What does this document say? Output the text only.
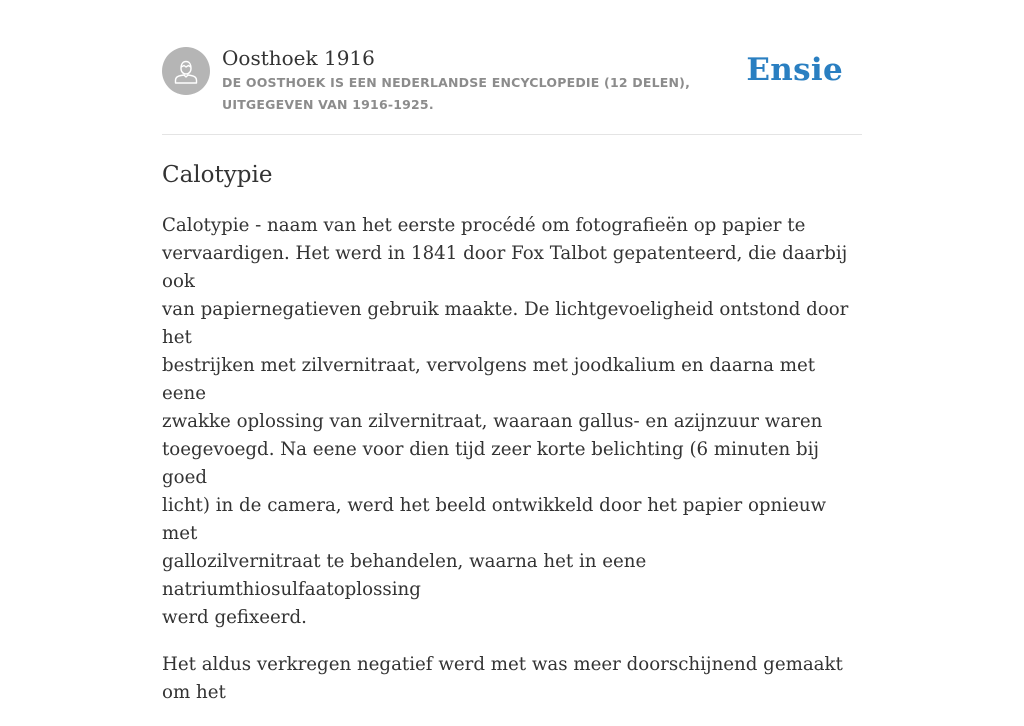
Oosthoek 1916
DE OOSTHOEK IS EEN NEDERLANDSE ENCYCLOPEDIE (12 DELEN), UITGEGEVEN VAN 1916-1925.
Ensie
Calotypie

Calotypie - naam van het eerste procédé om fotografieën op papier te
vervaardigen. Het werd in 1841 door Fox Talbot gepatenteerd, die daarbij ook
van papiernegatieven gebruik maakte. De lichtgevoeligheid ontstond door het
bestrijken met zilvernitraat, vervolgens met joodkalium en daarna met eene
zwakke oplossing van zilvernitraat, waaraan gallus- en azijnzuur waren
toegevoegd. Na eene voor dien tijd zeer korte belichting (6 minuten bij goed
licht) in de camera, werd het beeld ontwikkeld door het papier opnieuw met
gallozilvernitraat te behandelen, waarna het in eene natriumthiosulfaatoplossing
werd gefixeerd.

Het aldus verkregen negatief werd met was meer doorschijnend gemaakt om het
